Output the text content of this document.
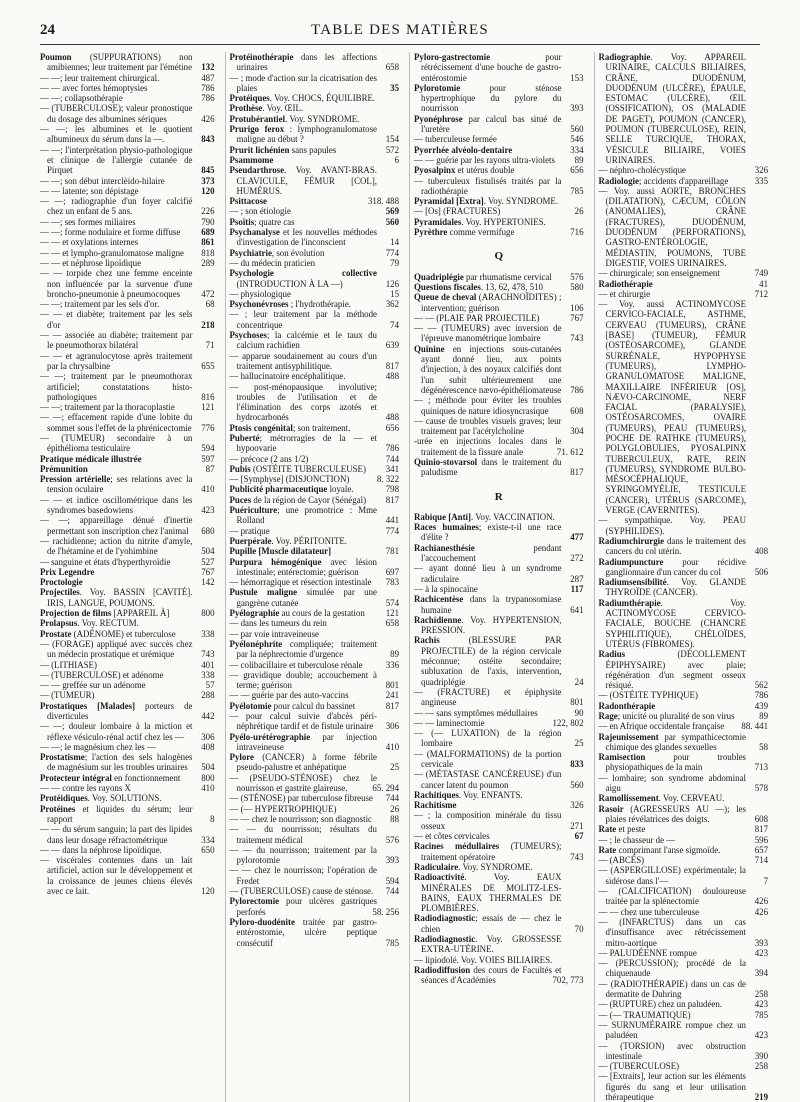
24	TABLE DES MATIÈRES
Poumon (SUPPURATIONS) non amibiennes; leur traitement par l'émétine 132
— —; leur traitement chirurgical.	487
— — avec fortes hémoptysies	786
— —; collapsothérapie	786
— (TUBERCULOSE); valeur pronostique du dosage des albumines sériques	426
— —; les albumines et le quotient albumineux du sérum dans la —.	843
— —; l'interprétation physio-pathologique et clinique de l'allergie cutanée de Pirquet	845
— —; son début interclèido-hilaire	373
— — latente; son dépistage	120
— —; radiographie d'un foyer calcifié chez un enfant de 5 ans.	226
— —; ses formes miliaires	790
— —; forme nodulaire et forme diffuse 689
— — et oxylations internes	861
— — et lympho-granulomatose maligne 818
— — et néphrose lipoïdique	289
— — torpide chez une femme enceinte non influencée par la survenue d'une broncho-pneumonie à pneumocoques 472
— —; traitement par les sels d'or.	68
— — et diabète; traitement par les sels d'or	218
— — associée au diabète; traitement par le pneumothorax bilatéral	71
— — et agranulocytose après traitement par la chrysalbine	655
— —; traitement par le pneumothorax artificiel; constatations histo-pathologiques	816
— —; traitement par la thoracoplastie	121
— —; effacement rapide d'une lobite du sommet sous l'effet de la phrénicectomie 776
— (TUMEUR) secondaire à un épithélioma testiculaire	594
Pratique médicale illustrée	597
Prémunition	87
Pression artérielle; ses relations avec la tension oculaire	410
— — et indice oscillométrique dans les syndromes basedowiens	423
— —; appareillage dénué d'inertie permettant son inscription chez l'animal 680
— rachidienne; action du nitrite d'amyle, de l'hétamine et de l'yohimbine	504
— sanguine et états d'hyperthyroïdie	527
Prix Legendre	767
Proctologie	142
Projectiles. Voy. BASSIN [CAVITÉ]. IRIS, LANGUE, POUMONS.
Projection de films [APPAREIL À]	800
Prolapsus. Voy. RECTUM.
Prostate (ADÉNOME) et tuberculose	338
— (FORAGE) appliqué avec succès chez un médecin prostatique et urémique	743
— (LITHIASE)	401
— (TUBERCULOSE) et adénome	338
— — greffée sur un adénome	57
— (TUMEUR)	288
Prostatiques [Malades] porteurs de diverticules	442
— —; douleur lombaire à la miction et réflexe vésiculo-rénal actif chez les — 306
— —; le magnésium chez les —	408
Prostatisme; l'action des sels halogènes de magnésium sur les troubles urinaires 504
Protecteur intégral en fonctionnement 800
— — contre les rayons X	410
Protéidiques. Voy. SOLUTIONS.
Protéines et liquides du sérum; leur rapport	8
— — du sérum sanguin; la part des lipides dans leur dosage réfractométrique	334
— — dans la néphrose lipoïdique.	650
— viscérales contenues dans un lait artificiel, action sur le développement et la croissance de jeunes chiens élevés avec ce lait.	120
Protéinothérapie dans les affections urinaires	658
— ; mode d'action sur la cicatrisation des plaies	35
Protéiques. Voy. CHOCS, ÉQUILIBRE.
Prothèse. Voy. ŒIL.
Protubérantiel. Voy. SYNDROME.
Prurigo ferox : lymphogranulomatose maligne au début ?	154
Prurit lichénien sans papules	572
Psammome	6
Pseudarthrose. Voy. AVANT-BRAS. CLAVICULE, FÉMUR [COL], HUMÉRUS.
Psittacose	318. 488
— ; son étiologie	569
Psoïtis; quatre cas	560
Psychanalyse et les nouvelles méthodes d'investigation de l'inconscient	14
Psychiatrie, son évolution	774
— du médecin praticien	79
Psychologie collective (INTRODUCTION À LA —)	126
— physiologique	15
Psychonévroses ; l'hydrothérapie.	362
— ; leur traitement par la méthode concentrique	74
Psychoses; la calcémie et le taux du calcium rachidien	639
— apparue soudainement au cours d'un traitement antisyphilitique.	817
— hallucinatoire encéphalitique.	488
— post-ménopausique involutive; troubles de l'utilisation et de l'élimination des corps azotés et hydrocarbonés	488
Ptosis congénital; son traitement.	656
Puberté; métrorragies de la — et hypoovarie	786
— précoce (2 ans 1/2)	744
Pubis (OSTÉITE TUBERCULEUSE) 341
— [Symphyse] (DISJONCTION)	8. 322
Publicité pharmaceutique loyale.	798
Puces de la région de Cayor (Sénégal) 817
Puériculture; une promotrice : Mme Rolland	441
— pratique	774
Puerpérale. Voy. PÉRITONITE.
Pupille [Muscle dilatateur]	781
Purpura hémogénique avec lésion intestinale; entérectomie; guérison	697
— hémorragique et résection intestinale 783
Pustule maligne simulée par une gangrène cutanée	574
Pyélographie au cours de la gestation 121
— dans les tumeurs du rein	658
— par voie intraveineuse
Pyélonéphrite compliquée; traitement par la néphrectomie d'urgence	89
— colibacillaire et tuberculose rénale	336
— gravidique double; accouchement à terme; guérison	801
— — guérie par des auto-vaccins	241
Pyélotomie pour calcul du bassinet	817
— pour calcul suivie d'abcès péri-néphrétique tardif et de fistule urinaire 306
Pyélo-urétérographie par injection intraveineuse	410
Pylore (CANCER) à forme fébrile pseudo-palustre et anhépatique	25
— (PSEUDO-STÉNOSE) chez le nourrisson et gastrite glaireuse.	65. 294
— (STÉNOSE) par tuberculose fibreuse 744
— (— HYPERTROPHIQUE)	26
— — chez le nourrisson; son diagnostic 88
— — du nourrisson; résultats du traitement médical	576
— — du nourrisson; traitement par la pylorotomie	393
— — chez le nourrisson; l'opération de Fredet	594
— (TUBERCULOSE) cause de sténose. 744
Pylorectomie pour ulcères gastriques perforés	58. 256
Pyloro-duodénite traitée par gastro-entérostomie, ulcère peptique consécutif	785
Pyloro-gastrectomie pour rétrécissement d'une bouche de gastro-entérostomie	153
Pylorotomie pour sténose hypertrophique du pylore du nourrisson	393
Pyonéphrose par calcul bas situé de l'uretère	560
— tuberculeuse fermée	546
Pyorrhée alvéolo-dentaire	334
— — guérie par les rayons ultra-violets 89
Pyosalpinx et utérus double	656
— tuberculeux fistulisés traités par la radiothérapie	785
Pyramidal [Extra]. Voy. SYNDROME.
— [Os] (FRACTURES)	26
Pyramidales. Voy. HYPERTONIES.
Pyrèthre comme vermifuge	716
Q
Quadriplégie par rhumatisme cervical 576
Questions fiscales. 13, 62, 478, 510	580
Queue de cheval (ARACHNOÏDITES) ; intervention; guérison	106
— — (PLAIE PAR PROJECTILE)	767
— — (TUMEURS) avec inversion de l'épreuve manométrique lombaire	743
Quinine en injections sous-cutanées ayant donné lieu, aux points d'injection, à des noyaux calcifiés dont l'un subit ultérieurement une dégénérescence nævo-épithéliomateuse 786
— ; méthode pour éviter les troubles quiniques de nature idiosyncrasique 608
— cause de troubles visuels graves; leur traitement par l'acétylcholine	304
-urée en injections locales dans le traitement de la fissure anale	71. 612
Quinio-stovarsol dans le traitement du paludisme	817
R
Rabique [Anti]. Voy. VACCINATION.
Races humaines; existe-t-il une race d'élite ?	477
Rachianesthésie pendant l'accouchement	272
— ayant donné lieu à un syndrome radiculaire	287
— à la spinocaïne	117
Rachicentèse dans la trypanosomiase humaine	641
Rachidienne. Voy. HYPERTENSION, PRESSION.
Rachis (BLESSURE PAR PROJECTILE) de la région cervicale méconnue; ostéite secondaire; subluxation de l'axis, intervention, quadriplégie	24
— (FRACTURE) et épiphysite angineuse	801
— — sans symptômes médullaires	90
— — laminectomie	122, 802
— (— LUXATION) de la région lombaire	25
— (MALFORMATIONS) de la portion cervicale	833
— (MÉTASTASE CANCÉREUSE) d'un cancer latent du poumon	560
Rachitiques. Voy. ENFANTS.
Rachitisme	326
— ; la composition minérale du tissu osseux	271
— et côtes cervicales	67
Racines médullaires (TUMEURS); traitement opératoire	743
Radiculaire. Voy. SYNDROME.
Radioactivité. Voy. EAUX MINÉRALES DE MOLITZ-LES-BAINS, EAUX THERMALES DE PLOMBIÈRES.
Radiodiagnostic; essais de — chez le chien	70
Radiodiagnostic. Voy. GROSSESSE EXTRA-UTÉRINE.
— lipiodolé. Voy. VOIES BILIAIRES.
Radiodiffusion des cours de Facultés et séances d'Académies	702, 773
Radiographie. Voy. APPAREIL URINAIRE, CALCULS BILIAIRES, CRÂNE, DUODÉNUM, DUODÉNUM (ULCÈRE), ÉPAULE, ESTOMAC (ULCÈRE), ŒIL (OSSIFICATION), OS (MALADIE DE PAGET), POUMON (CANCER), POUMON (TUBERCULOSE), REIN, SELLE TURCIQUE, THORAX, VÉSICULE BILIAIRE, VOIES URINAIRES.
— néphro-cholécystique	326
Radiologie; accidents d'appareillage	335
— Voy. aussi AORTE, BRONCHES (DILATATION), CÆCUM, CÔLON (ANOMALIES), CRÂNE (FRACTURES), DUODÉNUM, DUODÉNUM (PERFORATIONS), GASTRO-ENTÉROLOGIE, MÉDIASTIN, POUMONS, TUBE DIGESTIF, VOIES URINAIRES.
— chirurgicale; son enseignement	749
Radiothérapie	41
— et chirurgie	712
— Voy. aussi ACTINOMYCOSE CERVICO-FACIALE, ASTHME, CERVEAU (TUMEURS), CRÂNE [BASE] (TUMEUR), FÉMUR (OSTÉOSARCOME), GLANDE SURRÉNALE, HYPOPHYSE (TUMEURS), LYMPHO-GRANULOMATOSE MALIGNE, MAXILLAIRE INFÉRIEUR [OS], NÆVO-CARCINOME, NERF FACIAL (PARALYSIE), OSTÉOSARCOMES, OVAIRE (TUMEURS), PEAU (TUMEURS), POCHE DE RATHKE (TUMEURS), POLYGLOBULIES, PYOSALPINX TUBERCULEUX, RATE, REIN (TUMEURS), SYNDROME BULBO-MÉSOCÉPHALIQUE, SYRINGOMYÉLIE, TESTICULE (CANCER), UTÉRUS (SARCOME), VERGE (CAVERNITES).
— sympathique. Voy. PEAU (SYPHILIDES).
Radiumchirurgie dans le traitement des cancers du col utérin.	408
Radiumpuncture pour récidive ganglionnaire d'un cancer du col	506
Radiumsensibilité. Voy. GLANDE THYROÏDE (CANCER).
Radiumthérapie. Voy. ACTINOMYCOSE CERVICO-FACIALE, BOUCHE (CHANCRE SYPHILITIQUE), CHÉLOÏDES, UTÉRUS (FIBROMES).
Radius (DÉCOLLEMENT ÉPIPHYSAIRE) avec plaie; régénération d'un segment osseux résiqué.	562
— (OSTÉITE TYPHIQUE)	786
Radonthérapie	439
Rage; unicité ou pluralité de son virus	89
— en Afrique occidentale française 88. 441
Rajeunissement par sympathicectomie chimique des glandes sexuelles	58
Ramisection pour troubles physiopathiques de la main	713
— lombaire; son syndrome abdominal aigu	578
Ramollissement. Voy. CERVEAU.
Rasoir (AGRESSEURS AU —); les plaies révélatrices des doigts.	608
Rate et peste	817
— ; le chasseur de —	596
Rate comprimant l'anse sigmoïde.	657
— (ABCÈS)	714
— (ASPERGILLOSE) expérimentale; la sidérose dans l'—	7
— (CALCIFICATION) douloureuse traitée par la splénectomie	426
— — chez une tuberculeuse	426
— (INFARCTUS) dans un cas d'insuffisance avec rétrécissement mitro-aortique	393
— PALUDÉENNE rompue	423
— (PERCUSSION); procédé de la chiquenaude	394
— (RADIOTHÉRAPIE) dans un cas de dermatite de Duhring	258
— (RUPTURE) chez un paludéen.	423
— (— TRAUMATIQUE)	785
— SURNUMÉRAIRE rompue chez un paludéen	423
— (TORSION) avec obstruction intestinale	390
— (TUBERCULOSE)	258
— [Extraits], leur action sur les éléments figurés du sang et leur utilisation thérapeutique	219
